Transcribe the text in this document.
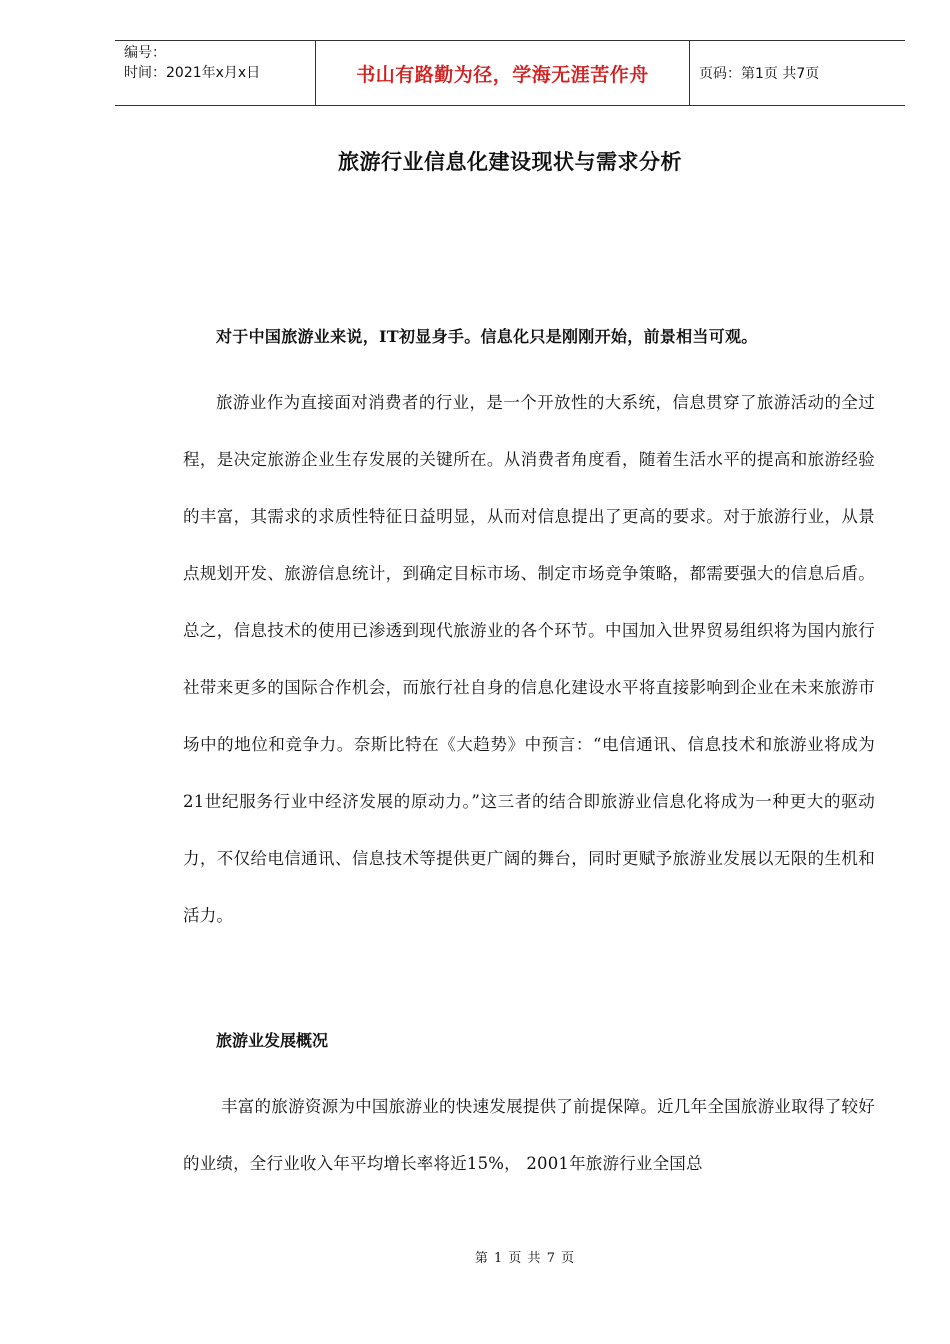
编号：
时间：2021年x月x日	书山有路勤为径，学海无涯苦作舟	页码：第1页 共7页
旅游行业信息化建设现状与需求分析
对于中国旅游业来说，IT初显身手。信息化只是刚刚开始，前景相当可观。
旅游业作为直接面对消费者的行业，是一个开放性的大系统，信息贯穿了旅游活动的全过程，是决定旅游企业生存发展的关键所在。从消费者角度看，随着生活水平的提高和旅游经验的丰富，其需求的求质性特征日益明显，从而对信息提出了更高的要求。对于旅游行业，从景点规划开发、旅游信息统计，到确定目标市场、制定市场竞争策略，都需要强大的信息后盾。总之，信息技术的使用已渗透到现代旅游业的各个环节。中国加入世界贸易组织将为国内旅行社带来更多的国际合作机会，而旅行社自身的信息化建设水平将直接影响到企业在未来旅游市场中的地位和竞争力。奈斯比特在《大趋势》中预言：“电信通讯、信息技术和旅游业将成为21世纪服务行业中经济发展的原动力。”这三者的结合即旅游业信息化将成为一种更大的驱动力，不仅给电信通讯、信息技术等提供更广阔的舞台，同时更赋予旅游业发展以无限的生机和活力。
旅游业发展概况
丰富的旅游资源为中国旅游业的快速发展提供了前提保障。近几年全国旅游业取得了较好的业绩，全行业收入年平均增长率将近15%， 2001年旅游行业全国总
第 1 页 共 7 页
